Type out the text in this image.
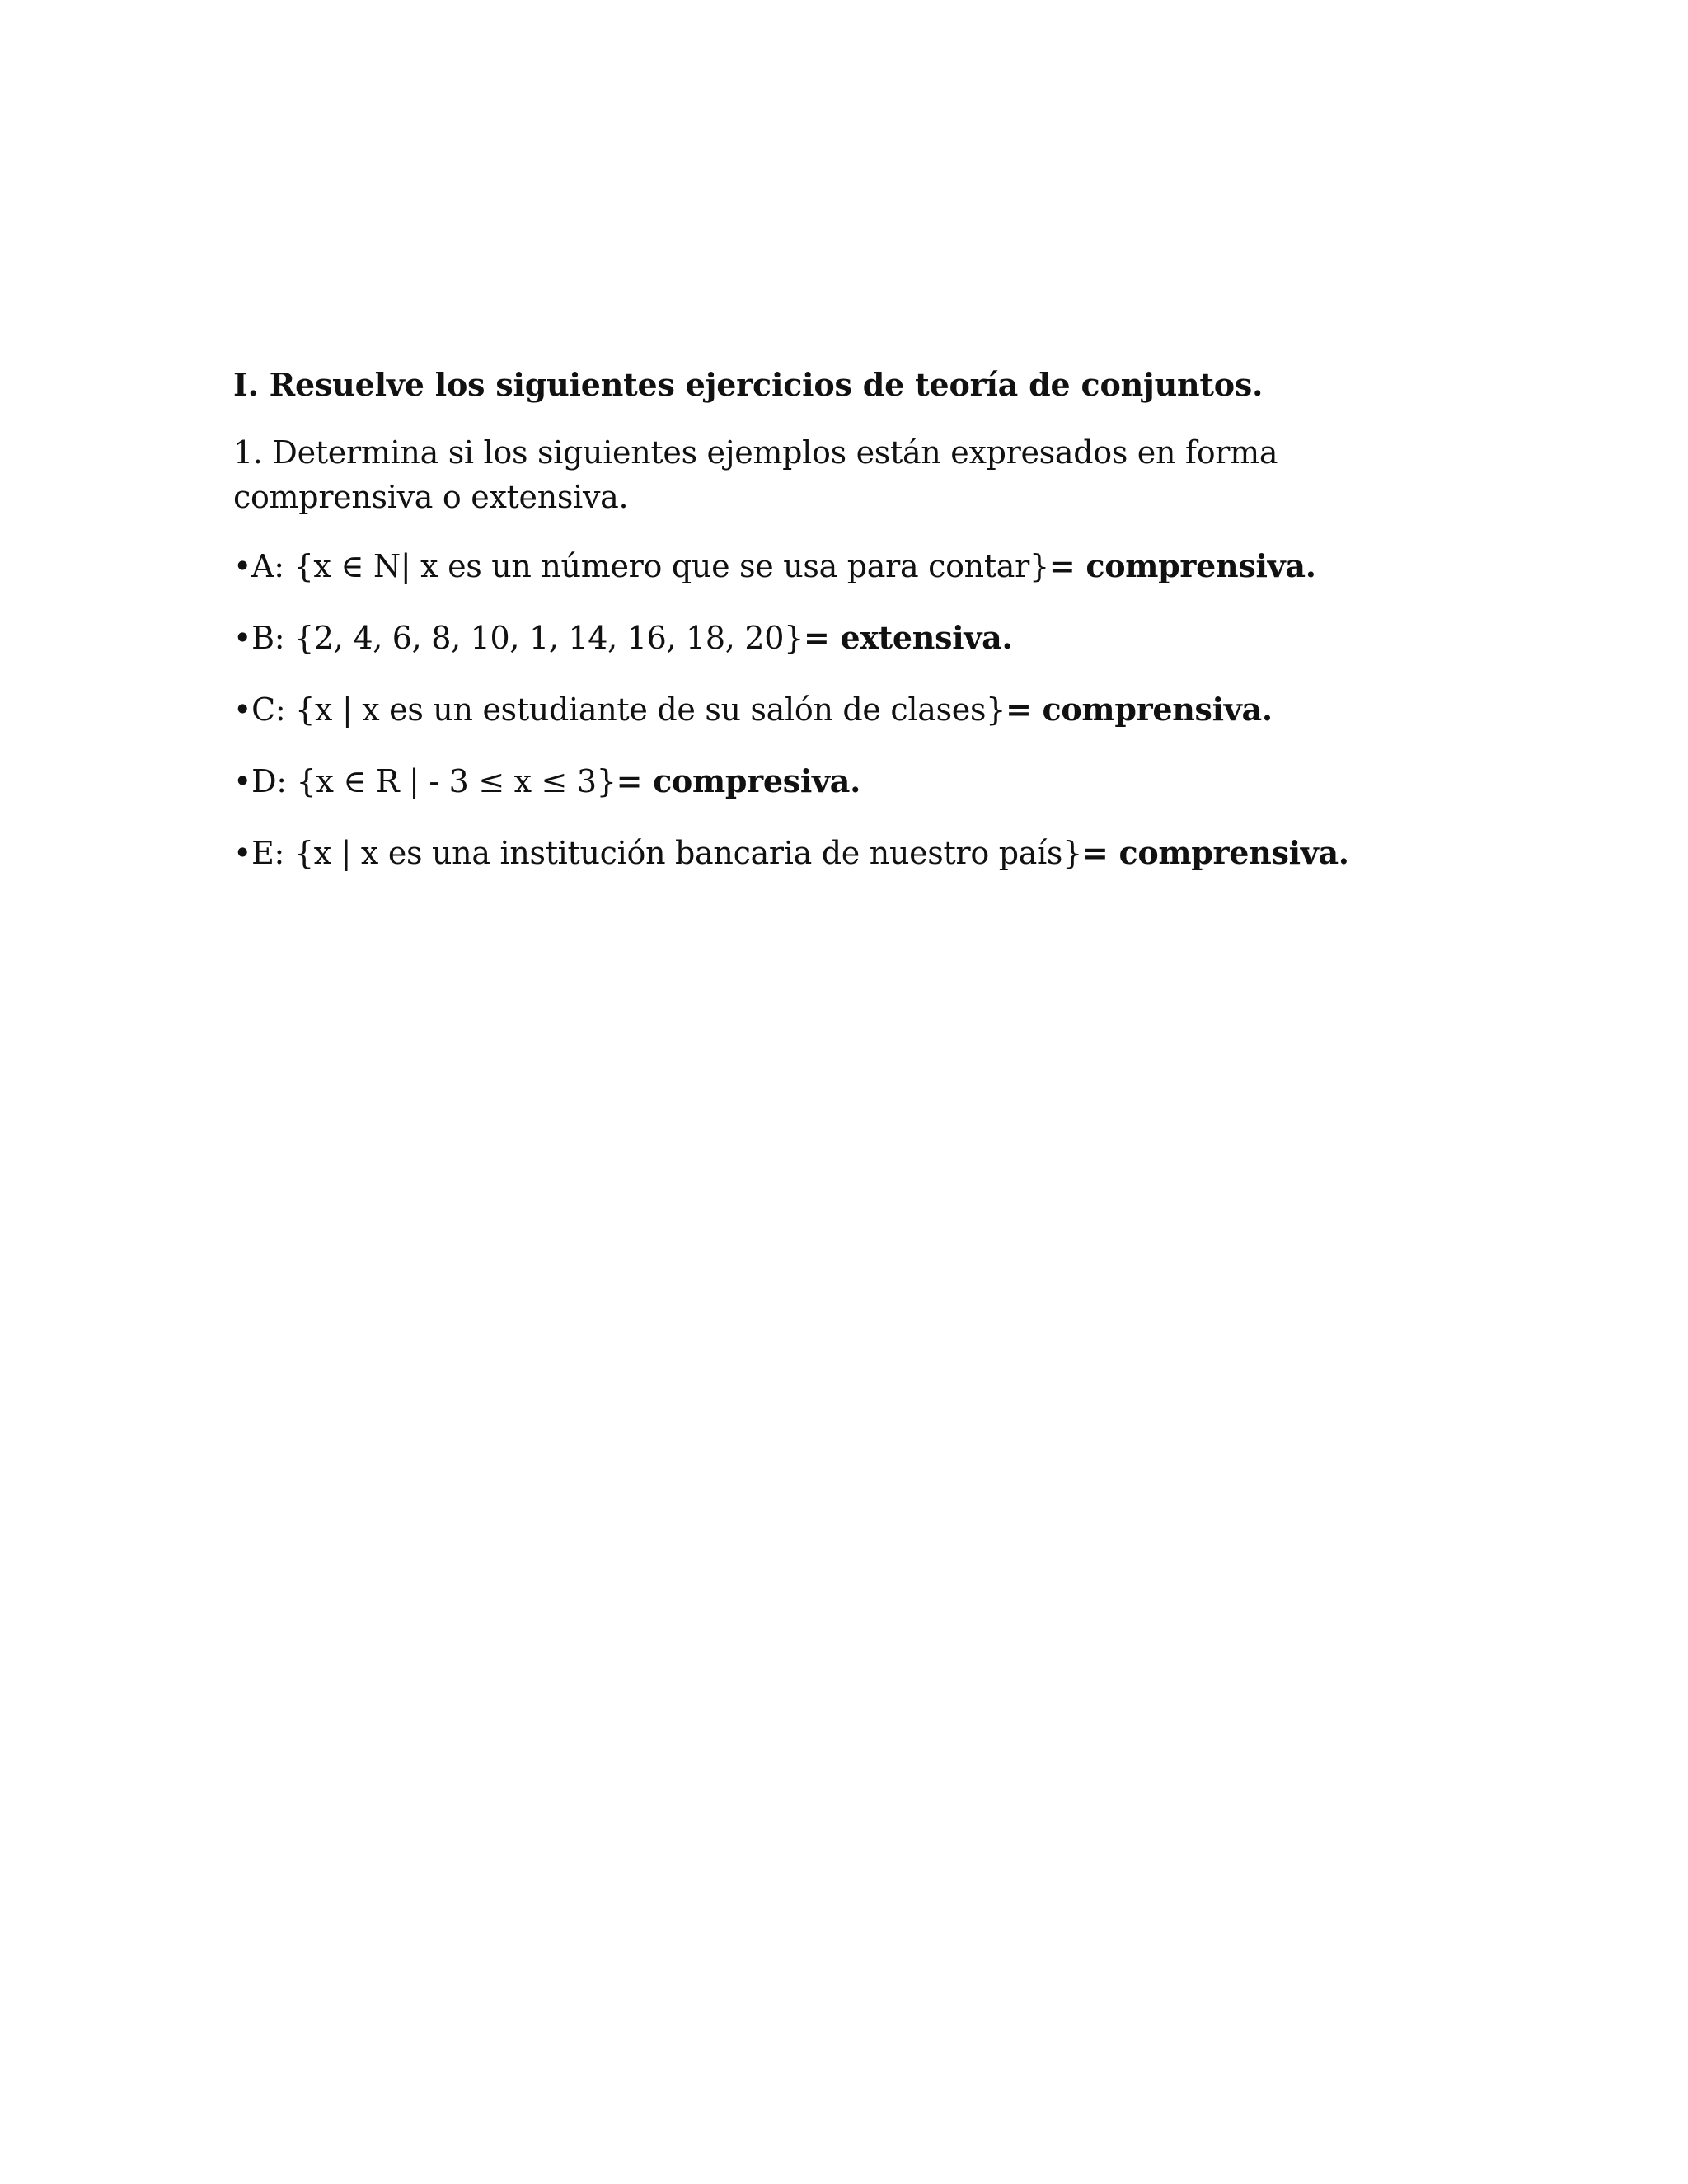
I. Resuelve los siguientes ejercicios de teoría de conjuntos.

1. Determina si los siguientes ejemplos están expresados en forma comprensiva o extensiva.

•A: {x ∈ N| x es un número que se usa para contar}= comprensiva.

•B: {2, 4, 6, 8, 10, 1, 14, 16, 18, 20}= extensiva.

•C: {x | x es un estudiante de su salón de clases}= comprensiva.

•D: {x ∈ R | - 3 ≤ x ≤ 3}= compresiva.

•E: {x | x es una institución bancaria de nuestro país}= comprensiva.
